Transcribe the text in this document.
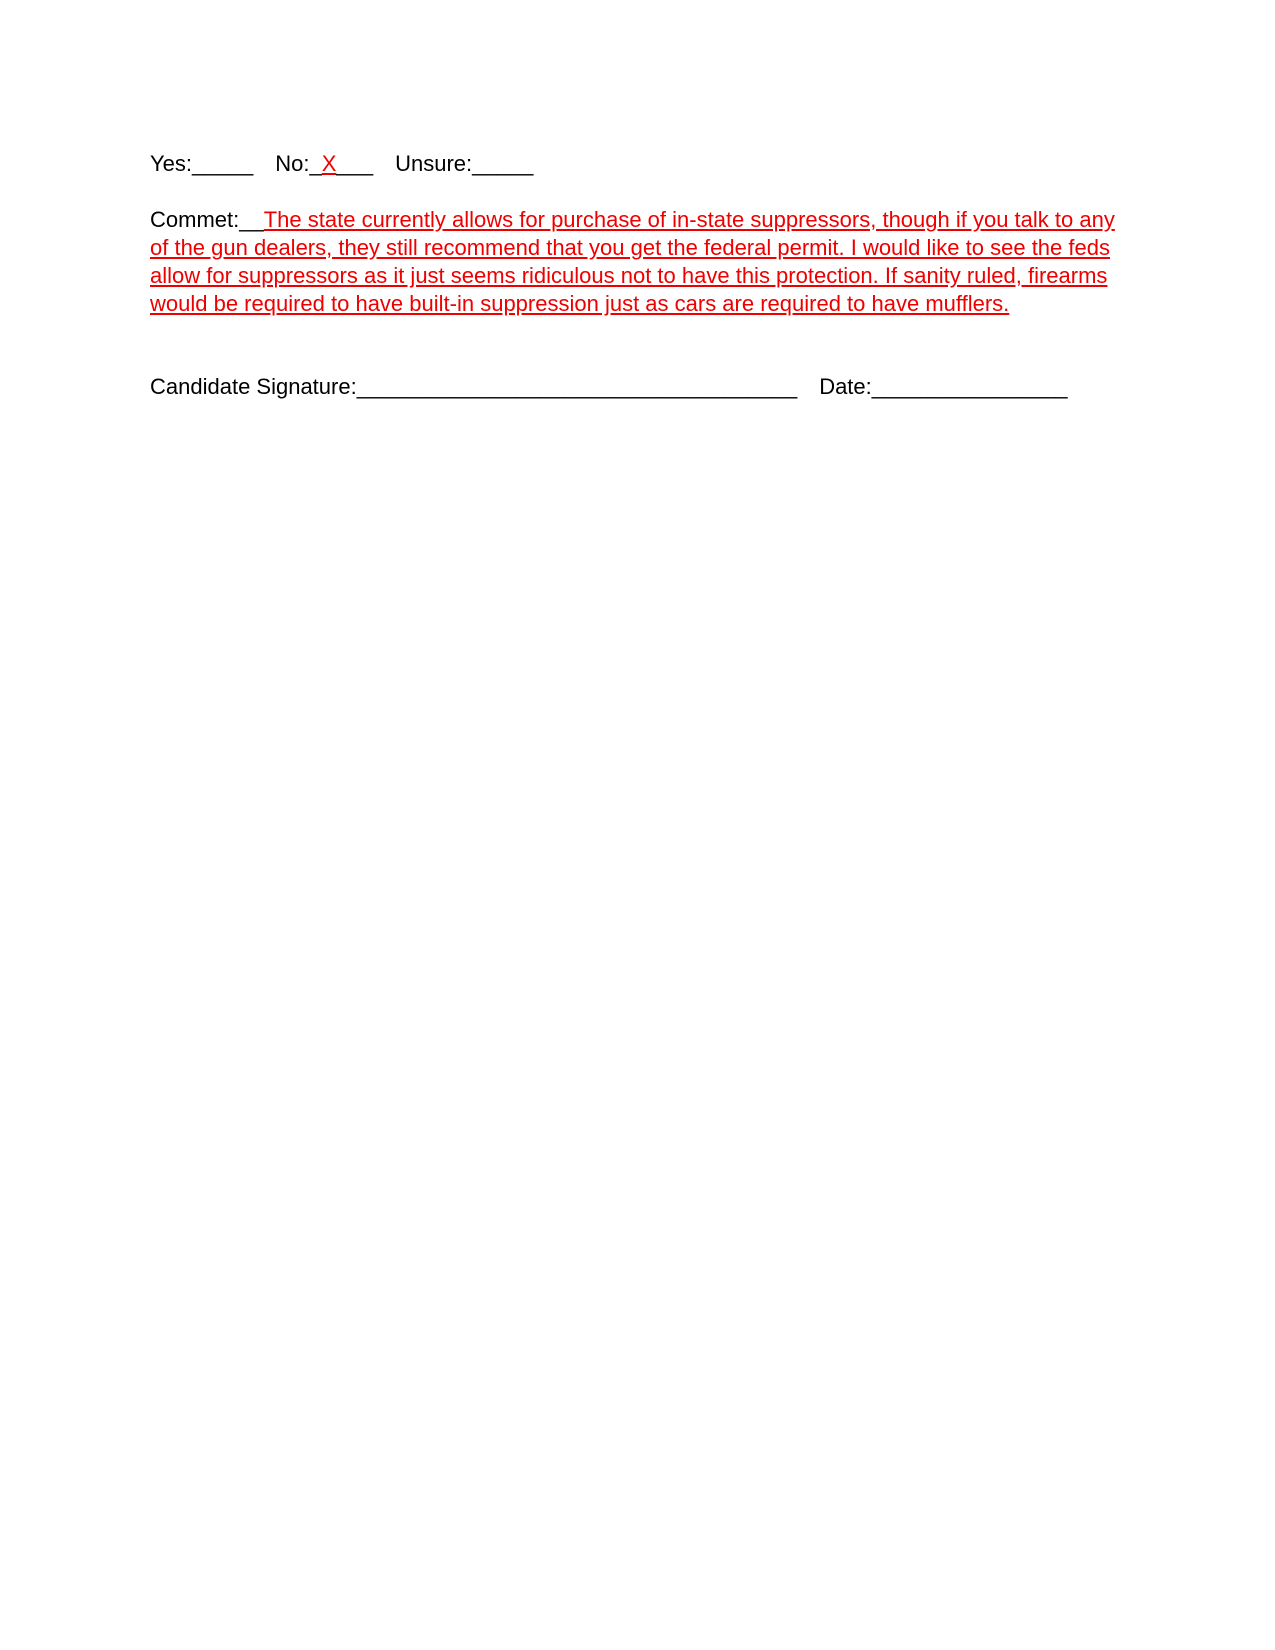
Yes:_____ No:_X___ Unsure:_____
Commet:__The state currently allows for purchase of in-state suppressors, though if you talk to any of the gun dealers, they still recommend that you get the federal permit. I would like to see the feds allow for suppressors as it just seems ridiculous not to have this protection. If sanity ruled, firearms would be required to have built-in suppression just as cars are required to have mufflers.
Candidate Signature:____________________________________ Date:________________
